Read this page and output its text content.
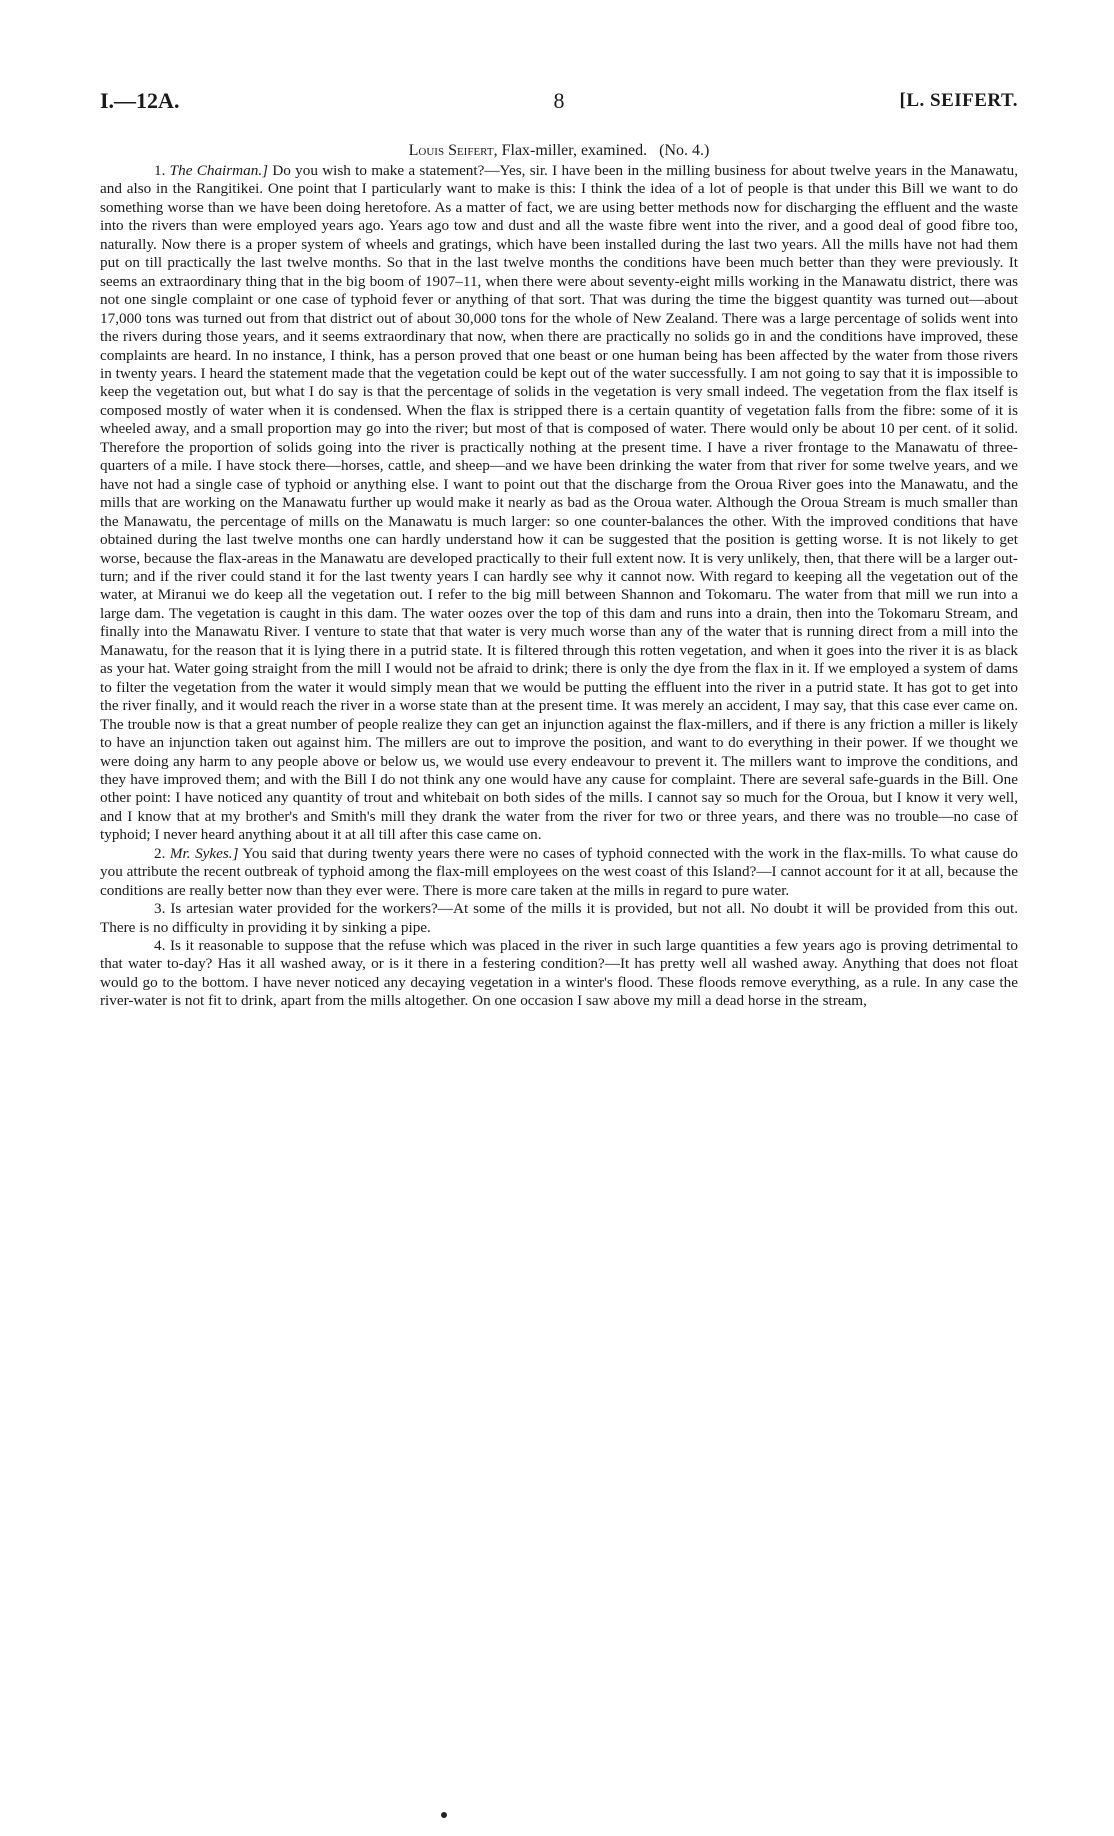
I.—12A.	8	[L. SEIFERT.
Louis Seifert, Flax-miller, examined. (No. 4.)

1. The Chairman.] Do you wish to make a statement?—Yes, sir. I have been in the milling business for about twelve years in the Manawatu, and also in the Rangitikei. One point that I particularly want to make is this: I think the idea of a lot of people is that under this Bill we want to do something worse than we have been doing heretofore. As a matter of fact, we are using better methods now for discharging the effluent and the waste into the rivers than were employed years ago. Years ago tow and dust and all the waste fibre went into the river, and a good deal of good fibre too, naturally. Now there is a proper system of wheels and gratings, which have been installed during the last two years. All the mills have not had them put on till practically the last twelve months. So that in the last twelve months the conditions have been much better than they were previously. It seems an extraordinary thing that in the big boom of 1907–11, when there were about seventy-eight mills working in the Manawatu district, there was not one single complaint or one case of typhoid fever or anything of that sort. That was during the time the biggest quantity was turned out—about 17,000 tons was turned out from that district out of about 30,000 tons for the whole of New Zealand. There was a large percentage of solids went into the rivers during those years, and it seems extraordinary that now, when there are practically no solids go in and the conditions have improved, these complaints are heard. In no instance, I think, has a person proved that one beast or one human being has been affected by the water from those rivers in twenty years. I heard the statement made that the vegetation could be kept out of the water successfully. I am not going to say that it is impossible to keep the vegetation out, but what I do say is that the percentage of solids in the vegetation is very small indeed. The vegetation from the flax itself is composed mostly of water when it is condensed. When the flax is stripped there is a certain quantity of vegetation falls from the fibre: some of it is wheeled away, and a small proportion may go into the river; but most of that is composed of water. There would only be about 10 per cent. of it solid. Therefore the proportion of solids going into the river is practically nothing at the present time. I have a river frontage to the Manawatu of three-quarters of a mile. I have stock there—horses, cattle, and sheep—and we have been drinking the water from that river for some twelve years, and we have not had a single case of typhoid or anything else. I want to point out that the discharge from the Oroua River goes into the Manawatu, and the mills that are working on the Manawatu further up would make it nearly as bad as the Oroua water. Although the Oroua Stream is much smaller than the Manawatu, the percentage of mills on the Manawatu is much larger: so one counter-balances the other. With the improved conditions that have obtained during the last twelve months one can hardly understand how it can be suggested that the position is getting worse. It is not likely to get worse, because the flax-areas in the Manawatu are developed practically to their full extent now. It is very unlikely, then, that there will be a larger out-turn; and if the river could stand it for the last twenty years I can hardly see why it cannot now. With regard to keeping all the vegetation out of the water, at Miranui we do keep all the vegetation out. I refer to the big mill between Shannon and Tokomaru. The water from that mill we run into a large dam. The vegetation is caught in this dam. The water oozes over the top of this dam and runs into a drain, then into the Tokomaru Stream, and finally into the Manawatu River. I venture to state that that water is very much worse than any of the water that is running direct from a mill into the Manawatu, for the reason that it is lying there in a putrid state. It is filtered through this rotten vegetation, and when it goes into the river it is as black as your hat. Water going straight from the mill I would not be afraid to drink; there is only the dye from the flax in it. If we employed a system of dams to filter the vegetation from the water it would simply mean that we would be putting the effluent into the river in a putrid state. It has got to get into the river finally, and it would reach the river in a worse state than at the present time. It was merely an accident, I may say, that this case ever came on. The trouble now is that a great number of people realize they can get an injunction against the flax-millers, and if there is any friction a miller is likely to have an injunction taken out against him. The millers are out to improve the position, and want to do everything in their power. If we thought we were doing any harm to any people above or below us, we would use every endeavour to prevent it. The millers want to improve the conditions, and they have improved them; and with the Bill I do not think any one would have any cause for complaint. There are several safe-guards in the Bill. One other point: I have noticed any quantity of trout and whitebait on both sides of the mills. I cannot say so much for the Oroua, but I know it very well, and I know that at my brother's and Smith's mill they drank the water from the river for two or three years, and there was no trouble—no case of typhoid; I never heard anything about it at all till after this case came on.

2. Mr. Sykes.] You said that during twenty years there were no cases of typhoid connected with the work in the flax-mills. To what cause do you attribute the recent outbreak of typhoid among the flax-mill employees on the west coast of this Island?—I cannot account for it at all, because the conditions are really better now than they ever were. There is more care taken at the mills in regard to pure water.

3. Is artesian water provided for the workers?—At some of the mills it is provided, but not all. No doubt it will be provided from this out. There is no difficulty in providing it by sinking a pipe.

4. Is it reasonable to suppose that the refuse which was placed in the river in such large quantities a few years ago is proving detrimental to that water to-day? Has it all washed away, or is it there in a festering condition?—It has pretty well all washed away. Anything that does not float would go to the bottom. I have never noticed any decaying vegetation in a winter's flood. These floods remove everything, as a rule. In any case the river-water is not fit to drink, apart from the mills altogether. On one occasion I saw above my mill a dead horse in the stream,
